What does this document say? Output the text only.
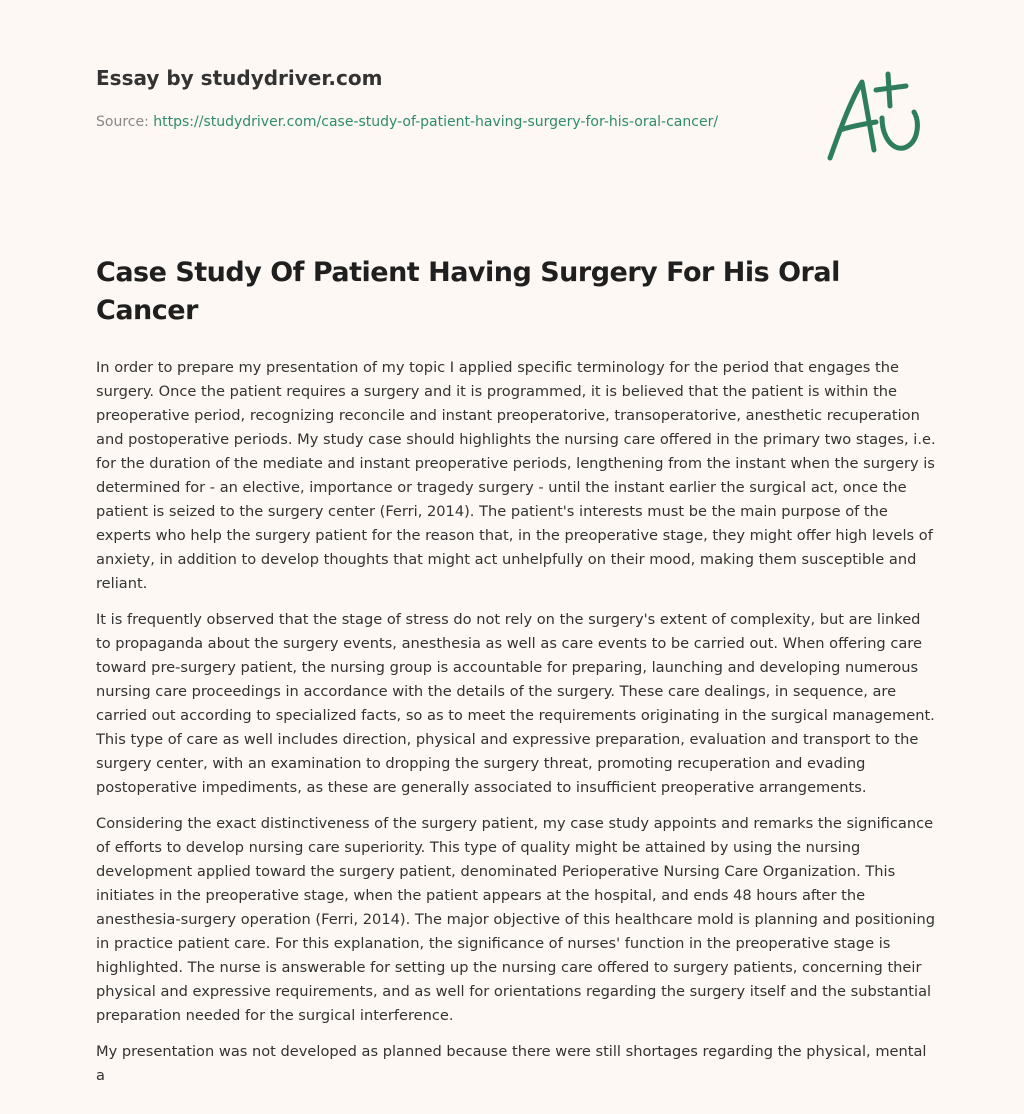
Essay by studydriver.com
Source: https://studydriver.com/case-study-of-patient-having-surgery-for-his-oral-cancer/
Case Study Of Patient Having Surgery For His Oral Cancer

In order to prepare my presentation of my topic I applied specific terminology for the period that engages the surgery. Once the patient requires a surgery and it is programmed, it is believed that the patient is within the preoperative period, recognizing reconcile and instant preoperatorive, transoperatorive, anesthetic recuperation and postoperative periods. My study case should highlights the nursing care offered in the primary two stages, i.e. for the duration of the mediate and instant preoperative periods, lengthening from the instant when the surgery is determined for - an elective, importance or tragedy surgery - until the instant earlier the surgical act, once the patient is seized to the surgery center (Ferri, 2014). The patient's interests must be the main purpose of the experts who help the surgery patient for the reason that, in the preoperative stage, they might offer high levels of anxiety, in addition to develop thoughts that might act unhelpfully on their mood, making them susceptible and reliant.

It is frequently observed that the stage of stress do not rely on the surgery's extent of complexity, but are linked to propaganda about the surgery events, anesthesia as well as care events to be carried out. When offering care toward pre-surgery patient, the nursing group is accountable for preparing, launching and developing numerous nursing care proceedings in accordance with the details of the surgery. These care dealings, in sequence, are carried out according to specialized facts, so as to meet the requirements originating in the surgical management. This type of care as well includes direction, physical and expressive preparation, evaluation and transport to the surgery center, with an examination to dropping the surgery threat, promoting recuperation and evading postoperative impediments, as these are generally associated to insufficient preoperative arrangements.

Considering the exact distinctiveness of the surgery patient, my case study appoints and remarks the significance of efforts to develop nursing care superiority. This type of quality might be attained by using the nursing development applied toward the surgery patient, denominated Perioperative Nursing Care Organization. This initiates in the preoperative stage, when the patient appears at the hospital, and ends 48 hours after the anesthesia-surgery operation (Ferri, 2014). The major objective of this healthcare mold is planning and positioning in practice patient care. For this explanation, the significance of nurses' function in the preoperative stage is highlighted. The nurse is answerable for setting up the nursing care offered to surgery patients, concerning their physical and expressive requirements, and as well for orientations regarding the surgery itself and the substantial preparation needed for the surgical interference.

My presentation was not developed as planned because there were still shortages regarding the physical, mental a
